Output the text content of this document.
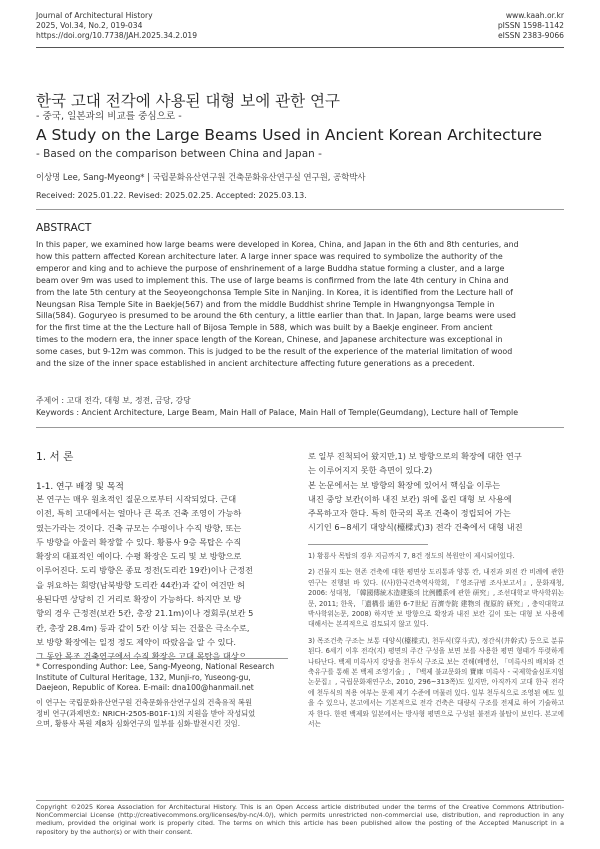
Journal of Architectural History
2025, Vol.34, No.2, 019-034
https://doi.org/10.7738/JAH.2025.34.2.019
www.kaah.or.kr
pISSN 1598-1142
eISSN 2383-9066
한국 고대 전각에 사용된 대형 보에 관한 연구
- 중국, 일본과의 비교를 중심으로 -
A Study on the Large Beams Used in Ancient Korean Architecture
- Based on the comparison between China and Japan -
이상명 Lee, Sang-Myeong* | 국립문화유산연구원 건축문화유산연구실 연구원, 공학박사
Received: 2025.01.22. Revised: 2025.02.25. Accepted: 2025.03.13.
ABSTRACT
In this paper, we examined how large beams were developed in Korea, China, and Japan in the 6th and 8th centuries, and
how this pattern affected Korean architecture later. A large inner space was required to symbolize the authority of the
emperor and king and to achieve the purpose of enshrinement of a large Buddha statue forming a cluster, and a large
beam over 9m was used to implement this. The use of large beams is confirmed from the late 4th century in China and
from the late 5th century at the Seoyeongchonsa Temple Site in Nanjing. In Korea, it is identified from the Lecture hall of
Neungsan Risa Temple Site in Baekje(567) and from the middle Buddhist shrine Temple in Hwangnyongsa Temple in
Silla(584). Goguryeo is presumed to be around the 6th century, a little earlier than that. In Japan, large beams were used
for the first time at the the Lecture hall of Bijosa Temple in 588, which was built by a Baekje engineer. From ancient
times to the modern era, the inner space length of the Korean, Chinese, and Japanese architecture was exceptional in
some cases, but 9-12m was common. This is judged to be the result of the experience of the material limitation of wood
and the size of the inner space established in ancient architecture affecting future generations as a precedent.
주제어 : 고대 전각, 대형 보, 정전, 금당, 강당
Keywords : Ancient Architecture, Large Beam, Main Hall of Palace, Main Hall of Temple(Geumdang), Lecture hall of Temple
1. 서 론
1-1. 연구 배경 및 목적
본 연구는 매우 원초적인 질문으로부터 시작되었다. 근대
이전, 특히 고대에서는 얼마나 큰 목조 건축 조영이 가능하
였는가라는 것이다. 건축 규모는 수평이나 수직 방향, 또는
두 방향을 아울러 확장할 수 있다. 황룡사 9층 목탑은 수직
확장의 대표적인 예이다. 수평 확장은 도리 및 보 방향으로
이루어진다. 도리 방향은 종묘 정전(도리칸 19칸)이나 근정전
을 위요하는 회랑(남북방향 도리칸 44칸)과 같이 여건만 허
용된다면 상당히 긴 거리로 확장이 가능하다. 하지만 보 방
향의 경우 근정전(보칸 5칸, 총장 21.1m)이나 경회루(보칸 5
칸, 총장 28.4m) 등과 같이 5칸 이상 되는 건물은 극소수로,
보 방향 확장에는 일정 정도 제약이 따랐음을 알 수 있다.
그 동안 목조 건축연구에서 수직 확장은 고대 목탑을 대상으
* Corresponding Author: Lee, Sang-Myeong, National Research
Institute of Cultural Heritage, 132, Munji-ro, Yuseong-gu,
Daejeon, Republic of Korea. E-mail: dna100@hanmail.net
이 연구는 국립문화유산연구원 건축문화유산연구실의 건축유적 복원
정비 연구(과제번호: NRICH-2505-B01F-1)의 지원을 받아 작성되었
으며, 황룡사 복원 제8차 심화연구의 일부를 심화·발전시킨 것임.
로 일부 진척되어 왔지만,1) 보 방향으로의 확장에 대한 연구
는 이루어지지 못한 측면이 있다.2)
본 논문에서는 보 방향의 확장에 있어서 핵심을 이루는
내진 중앙 보칸(이하 내진 보칸) 위에 올린 대형 보 사용에
주목하고자 한다. 특히 한국의 목조 건축이 정립되어 가는
시기인 6~8세기 대양식(檯樑式)3) 전각 건축에서 대형 내진
1) 황룡사 목탑의 경우 지금까지 7, 8건 정도의 복원안이 제시되어있다.
2) 건물지 또는 현존 건축에 대한 평면상 도리통과 양통 칸, 내진과 외진 칸 비례에 관한 연구는 진행된 바 있다. ((사)한국건축역사학회, 『영조규범 조사보고서』, 문화재청, 2006: 성대청, 「韓國傳統木造建築의 比例體系에 관한 研究」, 조선대학교 박사학위논문, 2011; 한욱, 「遺構를 通한 6-7世紀 百濟寺院 建物의 復原的 研究」, 충익대학교 박사학위논문, 2008) 하지만 보 방향으로 확장과 내진 보칸 길이 또는 대형 보 사용에 대해서는 본격적으로 검토되지 않고 있다.
3) 목조건축 구조는 보통 대양식(檯樑式), 천두식(穿斗式), 정간식(井幹式) 등으로 분류된다. 6세기 이후 전각(지) 평면의 주간 구성을 보면 보를 사용한 평면 형태가 뚜렷하게 나타난다. 백제 미륵사지 강당을 천두식 구조로 보는 견해(배병선, 「미륵사의 배치와 건축유구를 통해 본 백제 조영기술」, 『백제 불교문화의 寶庫 미륵사 - 국제학술심포지엄논문집』, 국립문화재연구소, 2010, 296~313쪽)도 있지만, 아직까지 고대 한국 전각에 천두식의 적용 여부는 문제 제기 수준에 머물러 있다. 일부 천두식으로 조영된 예도 있을 수 있으나, 본고에서는 기본적으로 전각 건축은 대량식 구조를 전제로 하여 기술하고자 한다. 한편 백제와 일본에서는 방사형 평면으로 구성된 불전과 불탑이 보인다. 본고에서는
Copyright ©2025 Korea Association for Architectural History. This is an Open Access article distributed under the terms of the Creative Commons Attribution-NonCommercial License (http://creativecommons.org/licenses/by-nc/4.0/), which permits unrestricted non-commercial use, distribution, and reproduction in any medium, provided the original work is properly cited. The terms on which this article has been published allow the posting of the Accepted Manuscript in a repository by the author(s) or with their consent.
